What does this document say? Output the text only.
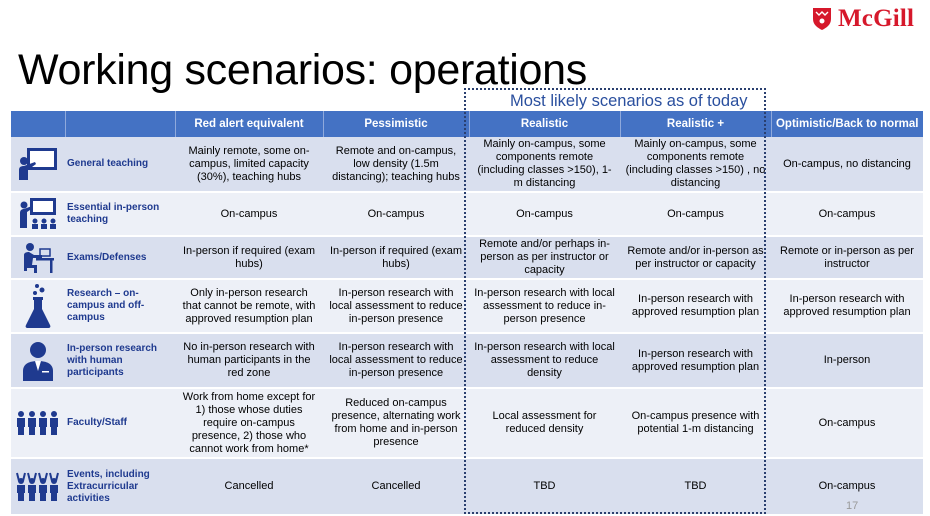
McGill
Working scenarios: operations
Most likely scenarios as of today
		Red alert equivalent	Pessimistic	Realistic	Realistic +	Optimistic/Back to normal

	General teaching	Mainly remote, some on-campus, limited capacity (30%), teaching hubs	Remote and on-campus, low density (1.5m distancing); teaching hubs	Mainly on-campus, some components remote (including classes >150), 1-m distancing	Mainly on-campus, some components remote (including classes >150) , no distancing	On-campus, no distancing

	Essential in-person teaching	On-campus	On-campus	On-campus	On-campus	On-campus

	Exams/Defenses	In-person if required (exam hubs)	In-person if required (exam hubs)	Remote and/or perhaps in-person as per instructor or capacity	Remote and/or in-person as per instructor or capacity	Remote or in-person as per instructor

	Research – on-campus and off-campus	Only in-person research that cannot be remote, with approved resumption plan	In-person research with local assessment to reduce in-person presence	In-person research with local assessment to reduce in-person presence	In-person research with approved resumption plan	In-person research with approved resumption plan

	In-person research with human participants	No in-person research with human participants in the red zone	In-person research with local assessment to reduce in-person presence	In-person research with local assessment to reduce density	In-person research with approved resumption plan	In-person

	Faculty/Staff	Work from home except for 1) those whose duties require on-campus presence, 2) those who cannot work from home*	Reduced on-campus presence, alternating work from home and in-person presence	Local assessment for reduced density	On-campus presence with potential 1-m distancing	On-campus

	Events, including Extracurricular activities	Cancelled	Cancelled	TBD	TBD	On-campus
17
